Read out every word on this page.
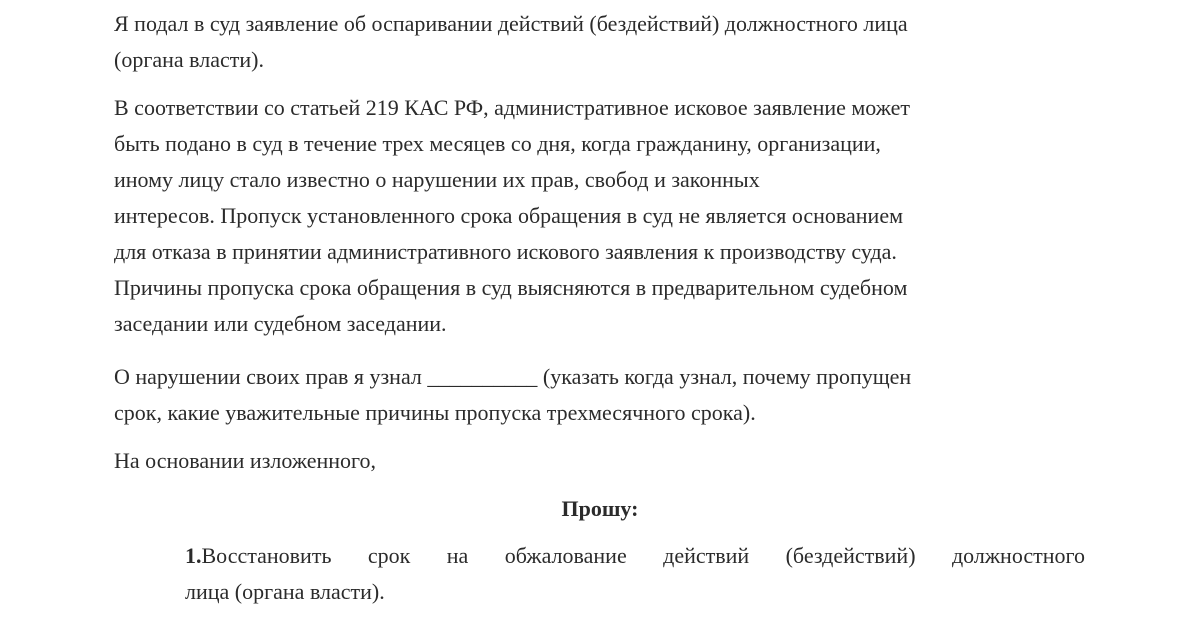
Я подал в суд заявление об оспаривании действий (бездействий) должностного лица
(органа власти).

В соответствии со статьей 219 КАС РФ, административное исковое заявление может
быть подано в суд в течение трех месяцев со дня, когда гражданину, организации,
иному лицу стало известно о нарушении их прав, свобод и законных
интересов. Пропуск установленного срока обращения в суд не является основанием
для отказа в принятии административного искового заявления к производству суда.
Причины пропуска срока обращения в суд выясняются в предварительном судебном
заседании или судебном заседании.

О нарушении своих прав я узнал __________ (указать когда узнал, почему пропущен
срок, какие уважительные причины пропуска трехмесячного срока).

На основании изложенного,

Прошу:

1.Восстановить срок на обжалование действий (бездействий) должностного
лица (органа власти).
